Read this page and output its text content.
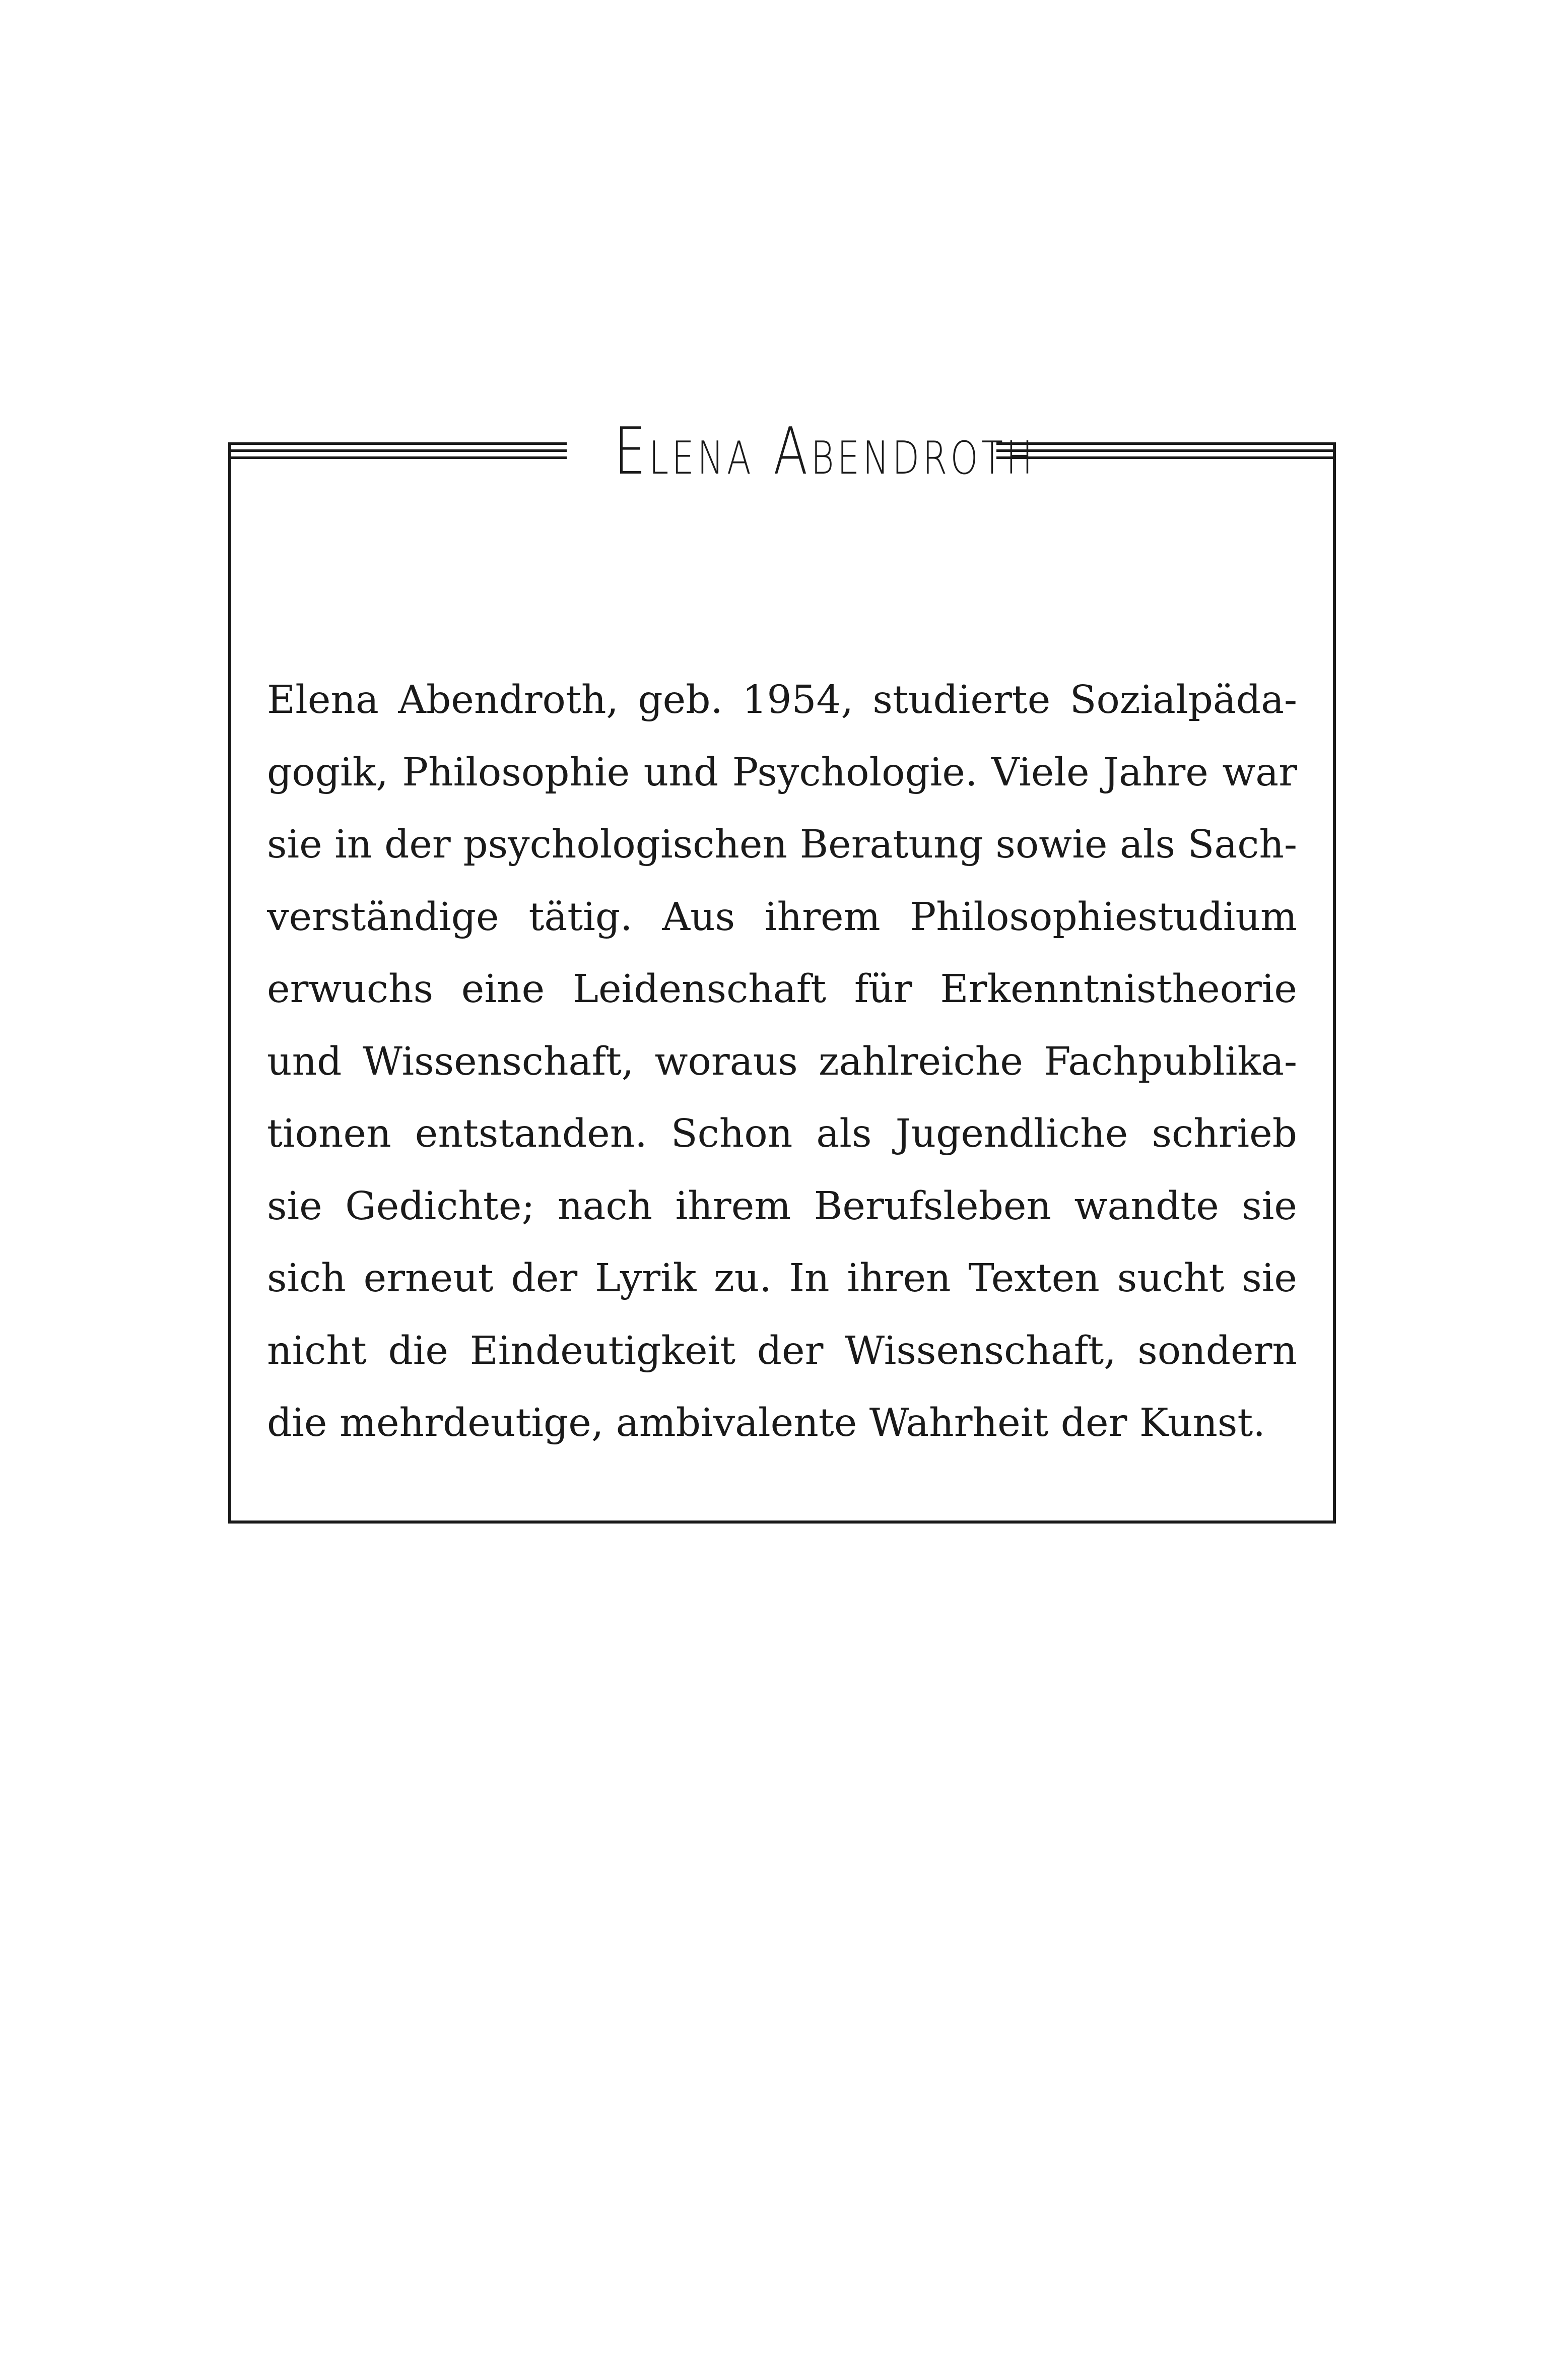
Elena Abendroth

Elena Abendroth, geb. 1954, studierte Sozialpäda-
gogik, Philosophie und Psychologie. Viele Jahre war
sie in der psychologischen Beratung sowie als Sach-
verständige tätig. Aus ihrem Philosophiestudium
erwuchs eine Leidenschaft für Erkenntnistheorie
und Wissenschaft, woraus zahlreiche Fachpublika-
tionen entstanden. Schon als Jugendliche schrieb
sie Gedichte; nach ihrem Berufsleben wandte sie
sich erneut der Lyrik zu. In ihren Texten sucht sie
nicht die Eindeutigkeit der Wissenschaft, sondern
die mehrdeutige, ambivalente Wahrheit der Kunst.
